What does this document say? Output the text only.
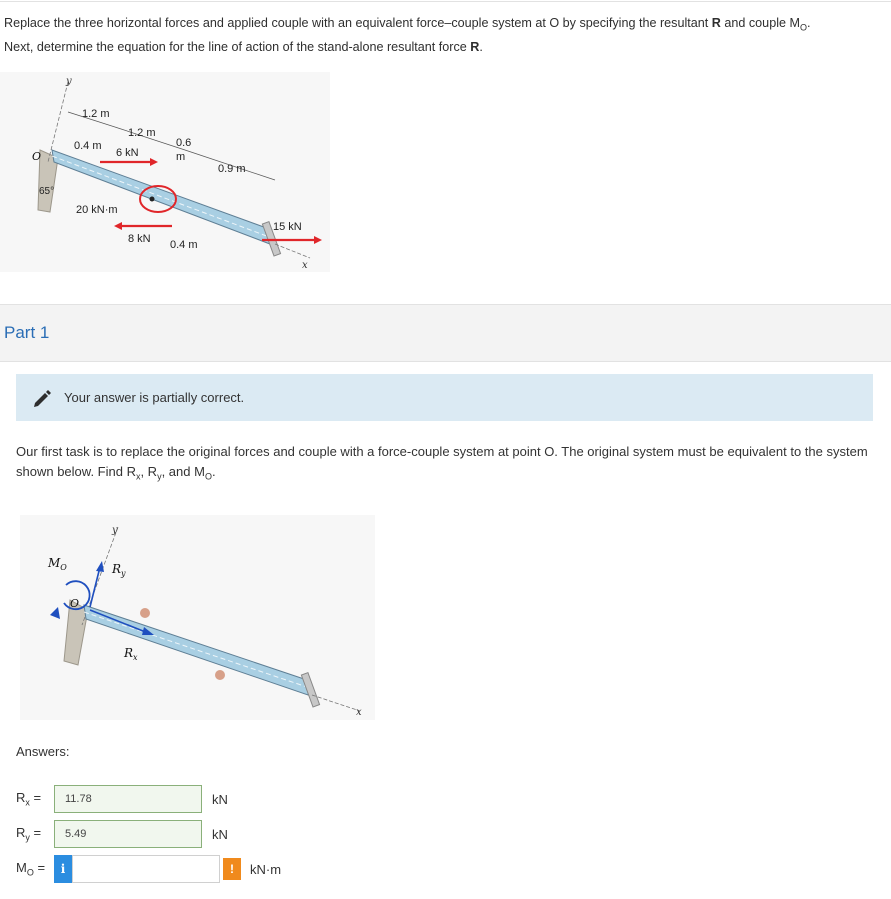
Replace the three horizontal forces and applied couple with an equivalent force–couple system at O by specifying the resultant R and couple $M_O$.
Next, determine the equation for the line of action of the stand-alone resultant force R.
y
x
O
65°
1.2 m
1.2 m
0.4 m	0.6
m
0.9 m
0.4 m
6 kN
20 kN·m
8 kN
15 kN
Part 1
Your answer is partially correct.
Our first task is to replace the original forces and couple with a force-couple system at point O. The original system must be equivalent to the system shown below. Find $R_x$, $R_y$, and $M_O$.
y
x
O
$M_O$	$R_y$
$R_x$
Answers:
$R_x$ =	11.78	kN
$R_y$ =	5.49	kN
$M_O$ =	i	!	kN·m
